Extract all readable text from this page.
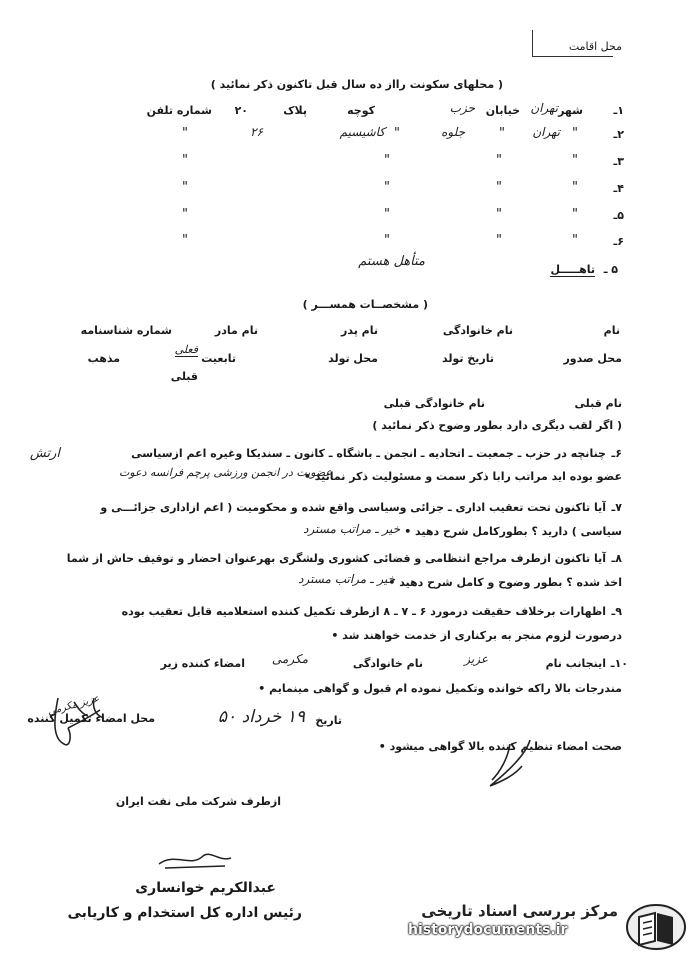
محل اقامت
( محلهای سکونت رااز ده سال قبل تاکنون ذکر نمائید )
۱ـ
شهر
تهران
خیابان
حزب
کوچه
پلاک
۲۰
شماره تلفن
۲ـ
"
تهران
"
جلوه
"
کاشیسیم
۲۶
"
۳ـ
"
"
"
"
۴ـ
"
"
"
"
۵ـ
"
"
"
"
۶ـ
"
"
"
"
۵ ـ
تاهـــــل
متأهل هستم
( مشخصــات همســـر )
نام
نام خانوادگی
نام پدر
نام مادر
شماره شناسنامه
محل صدور
تاریخ تولد
محل تولد
تابعیت
فعلی
مذهب
قبلی
نام قبلی
نام خانوادگی قبلی
( اگر لقب دیگری دارد بطور وضوح ذکر نمائید )
۶ـ
چنانچه در حزب ـ جمعیت ـ اتحادیه ـ انجمن ـ باشگاه ـ کانون ـ سندیکا وغیره اعم ازسیاسی
عضو بوده اید مراتب رابا ذکر سمت و مسئولیت ذکر نمائید •
عضویت در انجمن ورزشی پرچم فرانسه دعوت
ارتش
۷ـ
آیا تاکنون تحت تعقیب اداری ـ جزائی وسیاسی واقع شده و محکومیت ( اعم ازاداری جزائـــی و
سیاسی ) دارید ؟ بطورکامل شرح دهید •
خیر ـ مراتب مسترد
۸ـ
آیا تاکنون ازطرف مراجع انتظامی و قضائی کشوری ولشگری بهرعنوان احضار و توقیف حاش از شما
اخذ شده ؟ بطور وضوح و کامل شرح دهید •
خیر ـ مراتب مسترد
۹ـ
اظهارات برخلاف حقیقت درمورد ۶ ـ ۷ ـ ۸ ازطرف تکمیل کننده استعلامیه قابل تعقیب بوده
درصورت لزوم منجر به برکناری از خدمت خواهند شد •
۱۰ـ
اینجانب نام
عزیز
نام خانوادگی
مکرمی
امضاء کننده زیر
مندرجات بالا راکه خوانده وتکمیل نموده ام قبول و گواهی مینمایم •
تاریخ
۱۹ خرداد ۵۰
محل امضاء تکمیل کننده
عزیز مکرمی
صحت امضاء تنظیم کننده بالا گواهی میشود •
ازطرف شرکت ملی نفت ایران
عبدالکریم خوانساری
رئیس اداره کل استخدام و کاریابی	مرکز بررسی اسناد تاریخی
historydocuments.ir
